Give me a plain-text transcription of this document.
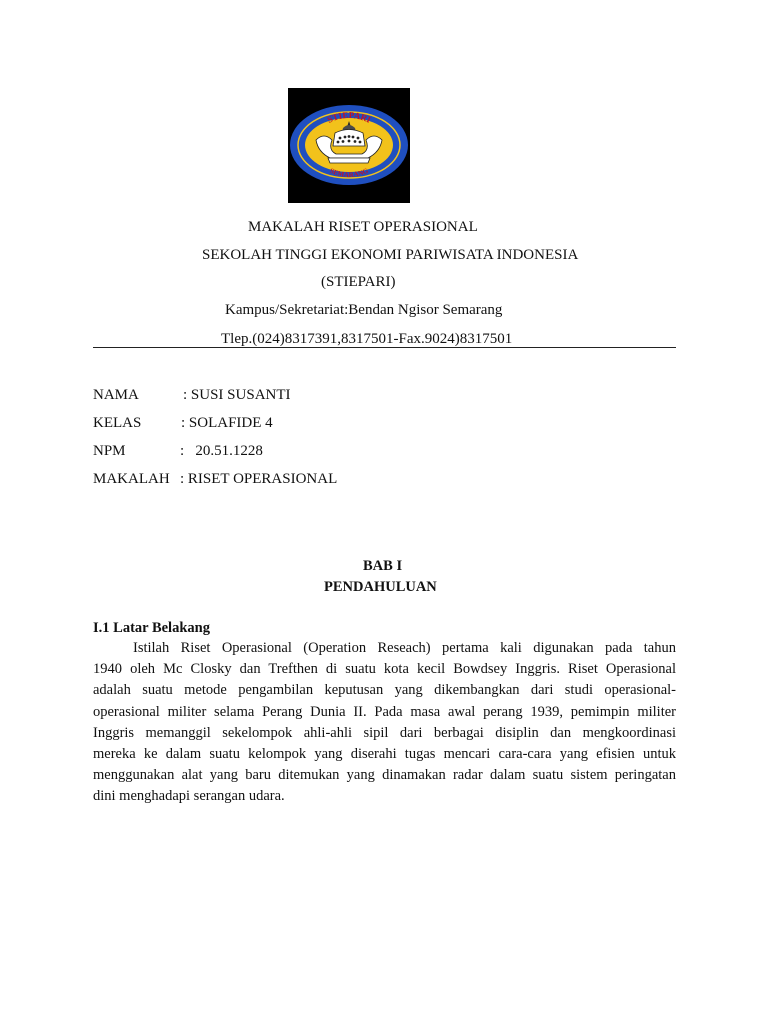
STIEPARI
SEMARANG
MAKALAH RISET OPERASIONAL
SEKOLAH TINGGI EKONOMI PARIWISATA INDONESIA
(STIEPARI)
Kampus/Sekretariat:Bendan Ngisor Semarang
Tlep.(024)8317391,8317501-Fax.9024)8317501
NAMA	: SUSI SUSANTI
KELAS	: SOLAFIDE 4
NPM	:   20.51.1228
MAKALAH : RISET OPERASIONAL
BAB I
PENDAHULUAN
I.1 Latar Belakang
Istilah Riset Operasional (Operation Reseach) pertama kali digunakan pada tahun
1940 oleh Mc Closky dan Trefthen di suatu kota kecil Bowdsey Inggris. Riset Operasional
adalah suatu metode pengambilan keputusan yang dikembangkan dari studi operasional-
operasional militer selama Perang Dunia II. Pada masa awal perang 1939, pemimpin militer
Inggris memanggil sekelompok ahli-ahli sipil dari berbagai disiplin dan mengkoordinasi
mereka ke dalam suatu kelompok yang diserahi tugas mencari cara-cara yang efisien untuk
menggunakan alat yang baru ditemukan yang dinamakan radar dalam suatu sistem peringatan
dini menghadapi serangan udara.
